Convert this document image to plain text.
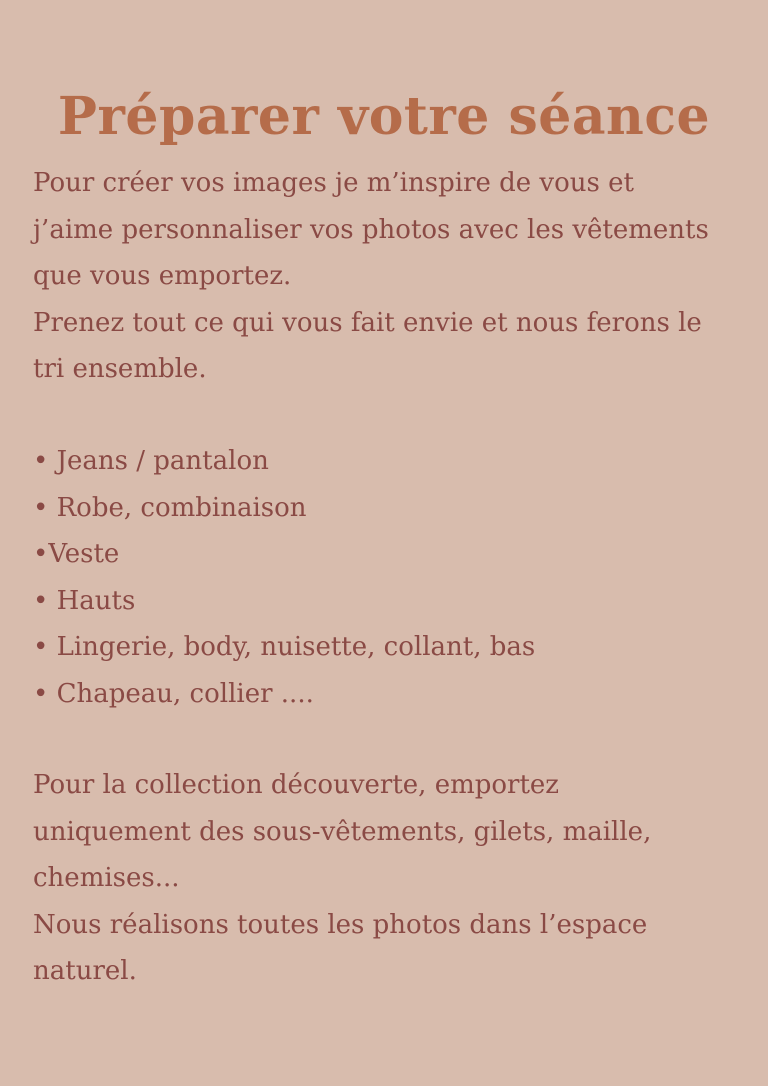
Préparer votre séance

Pour créer vos images je m’inspire de vous et

j’aime personnaliser vos photos avec les vêtements

que vous emportez.

Prenez tout ce qui vous fait envie et nous ferons le

tri ensemble.

• Jeans / pantalon

• Robe, combinaison

•Veste

• Hauts

• Lingerie, body, nuisette, collant, bas

• Chapeau, collier ....

Pour la collection découverte, emportez

uniquement des sous-vêtements, gilets, maille,

chemises...

Nous réalisons toutes les photos dans l’espace

naturel.
